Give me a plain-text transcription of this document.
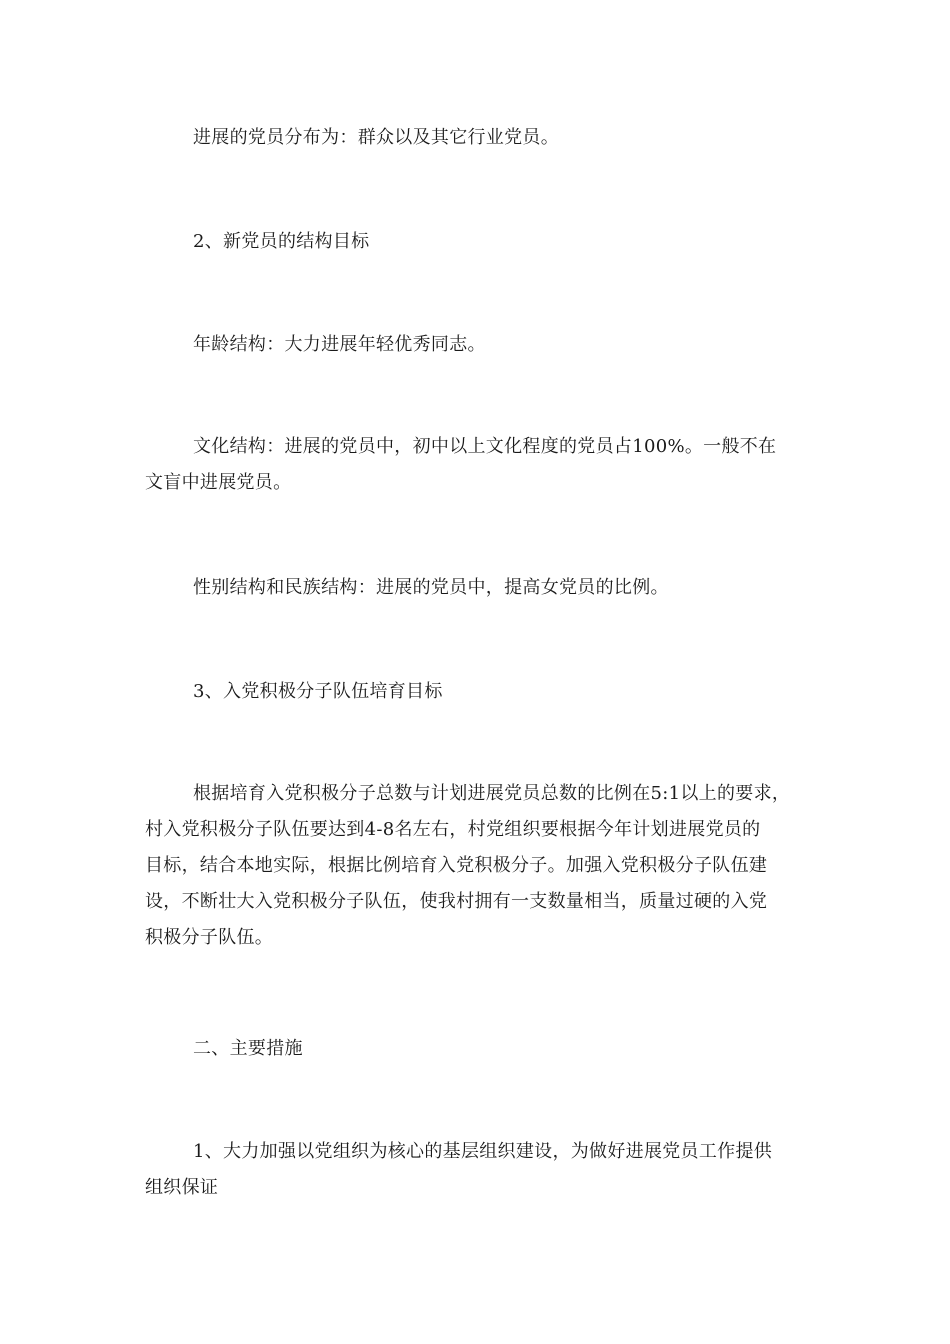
进展的党员分布为：群众以及其它行业党员。

2、新党员的结构目标

年龄结构：大力进展年轻优秀同志。

文化结构：进展的党员中，初中以上文化程度的党员占100%。一般不在
文盲中进展党员。

性别结构和民族结构：进展的党员中，提高女党员的比例。

3、入党积极分子队伍培育目标

根据培育入党积极分子总数与计划进展党员总数的比例在5:1以上的要求，
村入党积极分子队伍要达到4-8名左右，村党组织要根据今年计划进展党员的
目标，结合本地实际，根据比例培育入党积极分子。加强入党积极分子队伍建
设，不断壮大入党积极分子队伍，使我村拥有一支数量相当，质量过硬的入党
积极分子队伍。

二、主要措施

1、大力加强以党组织为核心的基层组织建设，为做好进展党员工作提供
组织保证
